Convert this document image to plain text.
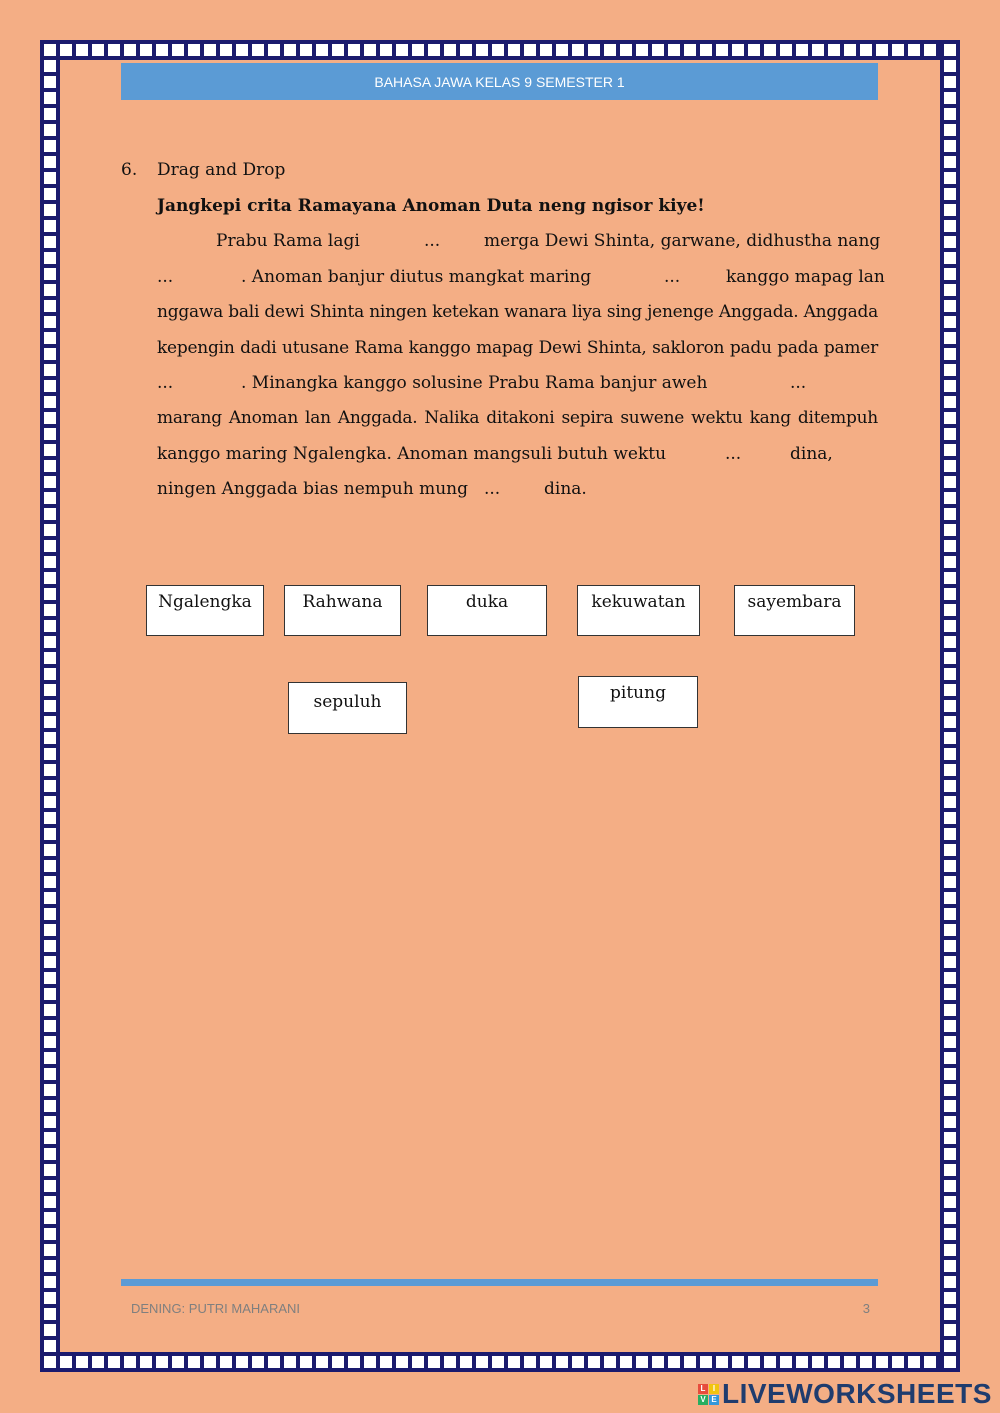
BAHASA JAWA KELAS 9 SEMESTER 1
6. Drag and Drop
Jangkepi crita Ramayana Anoman Duta neng ngisor kiye!
Prabu Rama lagi	...	merga Dewi Shinta, garwane, didhustha nang
...	. Anoman banjur diutus mangkat maring	...	kanggo mapag lan
nggawa bali dewi Shinta ningen ketekan wanara liya sing jenenge Anggada. Anggada
kepengin dadi utusane Rama kanggo mapag Dewi Shinta, sakloron padu pada pamer
...	. Minangka kanggo solusine Prabu Rama banjur aweh	...
marang Anoman lan Anggada. Nalika ditakoni sepira suwene wektu kang ditempuh
kanggo maring Ngalengka. Anoman mangsuli butuh wektu	...	dina,
ningen Anggada bias nempuh mung ...	dina.
Ngalengka	Rahwana	duka	kekuwatan	sayembara
sepuluh	pitung
DENING: PUTRI MAHARANI	3
L I
V E LIVEWORKSHEETS
